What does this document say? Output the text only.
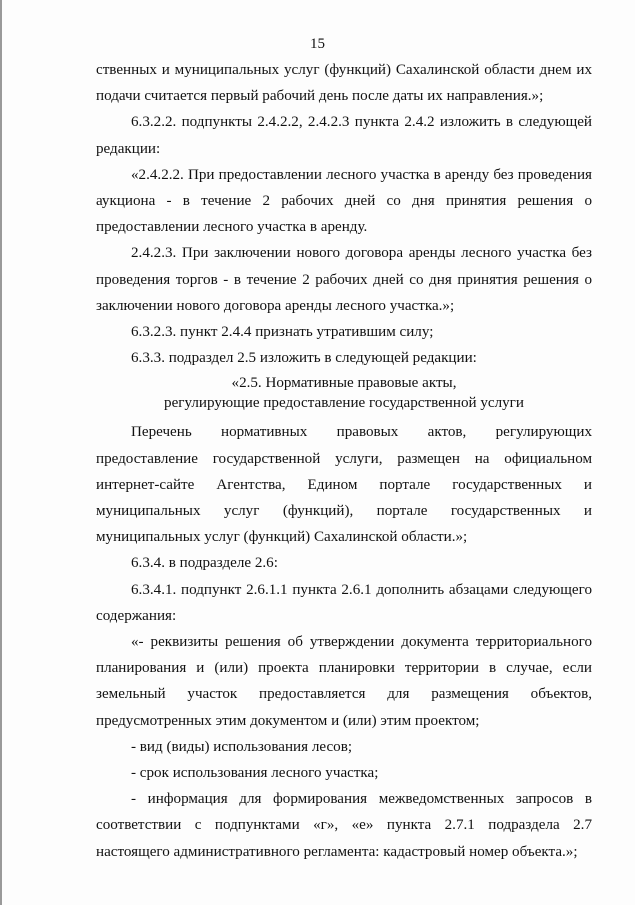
15

ственных и муниципальных услуг (функций) Сахалинской области днем их подачи считается первый рабочий день после даты их направления.»;

6.3.2.2. подпункты 2.4.2.2, 2.4.2.3 пункта 2.4.2 изложить в следующей редакции:

«2.4.2.2. При предоставлении лесного участка в аренду без проведения аукциона - в течение 2 рабочих дней со дня принятия решения о предоставлении лесного участка в аренду.

2.4.2.3. При заключении нового договора аренды лесного участка без проведения торгов - в течение 2 рабочих дней со дня принятия решения о заключении нового договора аренды лесного участка.»;

6.3.2.3. пункт 2.4.4 признать утратившим силу;

6.3.3. подраздел 2.5 изложить в следующей редакции:

«2.5. Нормативные правовые акты,
регулирующие предоставление государственной услуги

Перечень нормативных правовых актов, регулирующих предоставление государственной услуги, размещен на официальном интернет-сайте Агентства, Едином портале государственных и муниципальных услуг (функций), портале государственных и муниципальных услуг (функций) Сахалинской области.»;

6.3.4. в подразделе 2.6:

6.3.4.1. подпункт 2.6.1.1 пункта 2.6.1 дополнить абзацами следующего содержания:

«- реквизиты решения об утверждении документа территориального планирования и (или) проекта планировки территории в случае, если земельный участок предоставляется для размещения объектов, предусмотренных этим документом и (или) этим проектом;

- вид (виды) использования лесов;

- срок использования лесного участка;

- информация для формирования межведомственных запросов в соответствии с подпунктами «г», «е» пункта 2.7.1 подраздела 2.7 настоящего административного регламента: кадастровый номер объекта.»;
